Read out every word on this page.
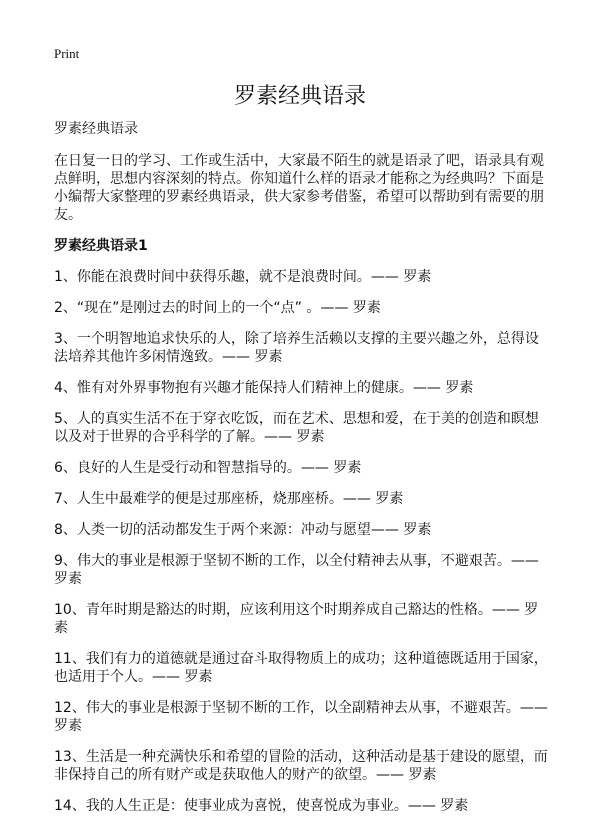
Print
罗素经典语录

罗素经典语录

在日复一日的学习、工作或生活中，大家最不陌生的就是语录了吧，语录具有观点鲜明，思想内容深刻的特点。你知道什么样的语录才能称之为经典吗？下面是小编帮大家整理的罗素经典语录，供大家参考借鉴，希望可以帮助到有需要的朋友。

罗素经典语录1

1、你能在浪费时间中获得乐趣，就不是浪费时间。—— 罗素

2、“现在”是刚过去的时间上的一个“点” 。—— 罗素

3、一个明智地追求快乐的人，除了培养生活赖以支撑的主要兴趣之外，总得设法培养其他许多闲情逸致。—— 罗素

4、惟有对外界事物抱有兴趣才能保持人们精神上的健康。—— 罗素

5、人的真实生活不在于穿衣吃饭，而在艺术、思想和爱，在于美的创造和瞑想以及对于世界的合乎科学的了解。—— 罗素

6、良好的人生是受行动和智慧指导的。—— 罗素

7、人生中最难学的便是过那座桥，烧那座桥。—— 罗素

8、人类一切的活动都发生于两个来源：冲动与愿望—— 罗素

9、伟大的事业是根源于坚韧不断的工作，以全付精神去从事，不避艰苦。—— 罗素

10、青年时期是豁达的时期，应该利用这个时期养成自己豁达的性格。—— 罗素

11、我们有力的道德就是通过奋斗取得物质上的成功；这种道德既适用于国家，也适用于个人。—— 罗素

12、伟大的事业是根源于坚韧不断的工作，以全副精神去从事，不避艰苦。—— 罗素

13、生活是一种充满快乐和希望的冒险的活动，这种活动是基于建设的愿望，而非保持自己的所有财产或是获取他人的财产的欲望。—— 罗素

14、我的人生正是：使事业成为喜悦，使喜悦成为事业。—— 罗素
